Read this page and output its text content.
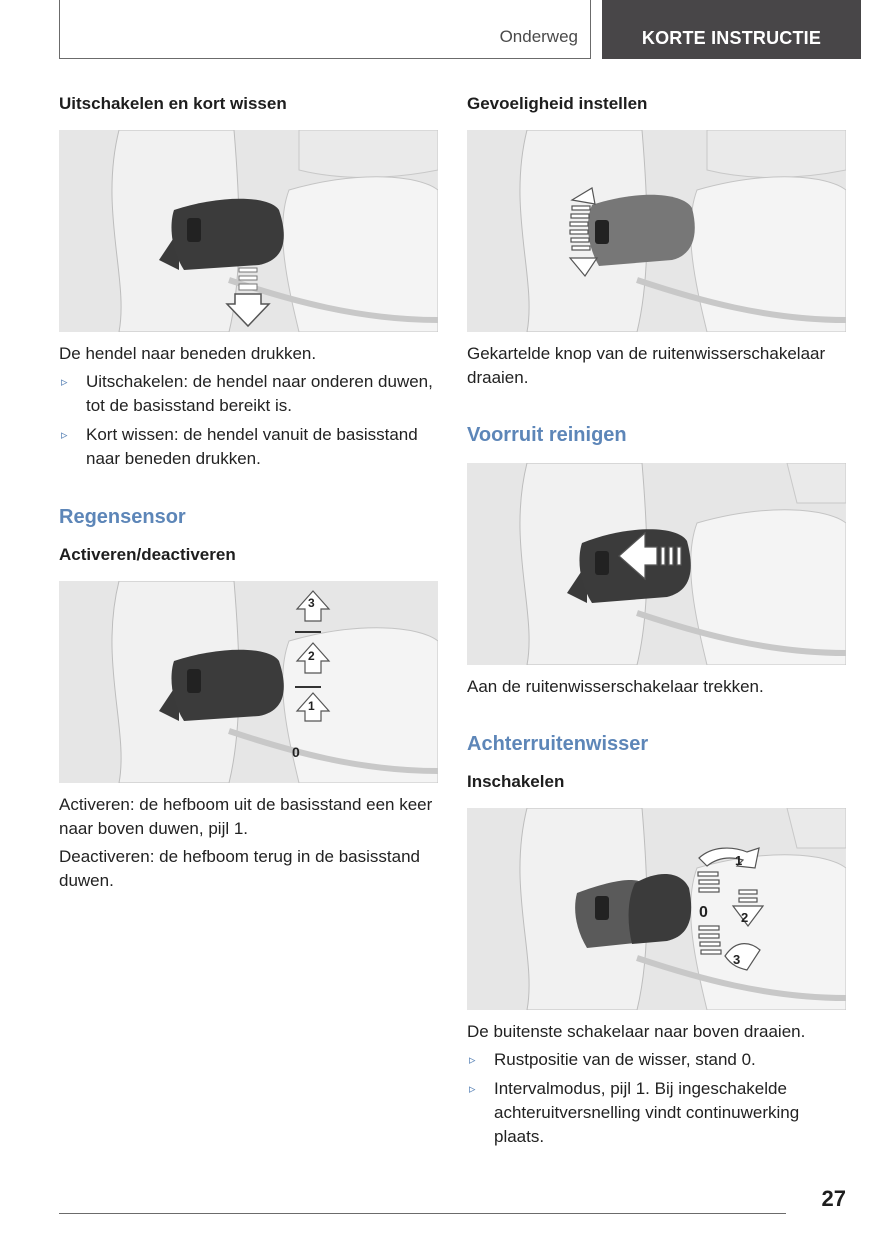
Onderweg	KORTE INSTRUCTIE
Uitschakelen en kort wissen

De hendel naar beneden drukken.

▹ Uitschakelen: de hendel naar onderen duwen, tot de basisstand bereikt is.
▹ Kort wissen: de hendel vanuit de basisstand naar beneden drukken.
Regensensor
Activeren/deactiveren
3
2
1
0

Activeren: de hefboom uit de basisstand een keer naar boven duwen, pijl 1.

Deactiveren: de hefboom terug in de basisstand duwen.

Gevoeligheid instellen

Gekartelde knop van de ruitenwisserschakelaar draaien.

Voorruit reinigen

Aan de ruitenwisserschakelaar trekken.

Achterruitenwisser
Inschakelen
1
0	2
3

De buitenste schakelaar naar boven draaien.

▹ Rustpositie van de wisser, stand 0.
▹ Intervalmodus, pijl 1. Bij ingeschakelde achteruitversnelling vindt continuwerking plaats.
27
